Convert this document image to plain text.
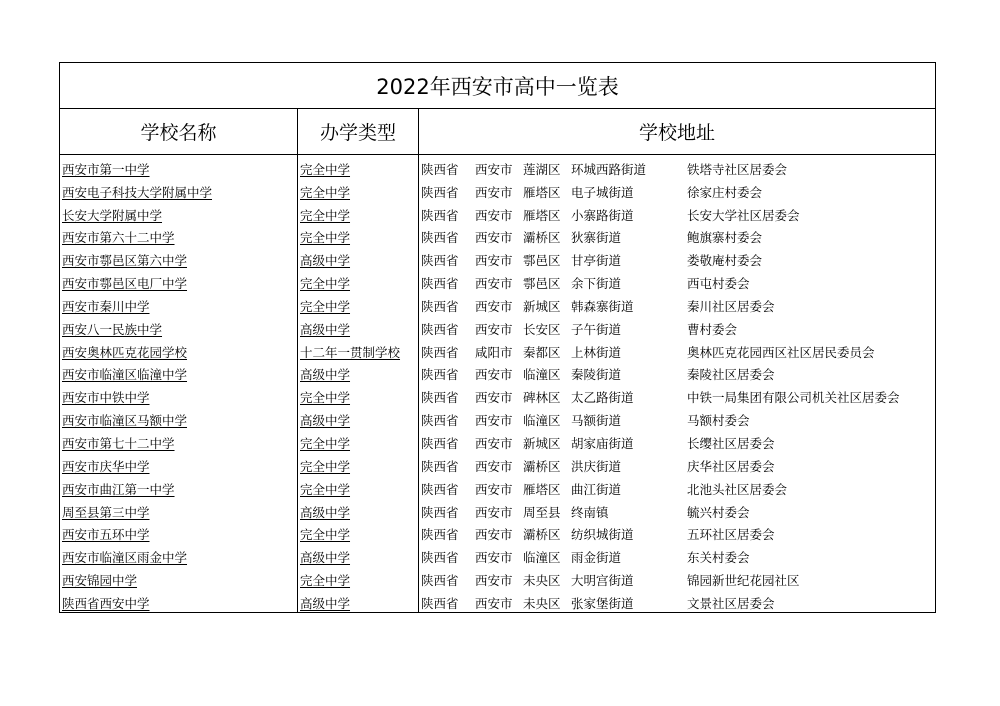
2022年西安市高中一览表		
学校名称	办学类型	学校地址
西安市第一中学	完全中学	陕西省 西安市 莲湖区 环城西路街道 铁塔寺社区居委会
西安电子科技大学附属中学	完全中学	陕西省 西安市 雁塔区 电子城街道 徐家庄村委会
长安大学附属中学	完全中学	陕西省 西安市 雁塔区 小寨路街道 长安大学社区居委会
西安市第六十二中学	完全中学	陕西省 西安市 灞桥区 狄寨街道 鲍旗寨村委会
西安市鄠邑区第六中学	高级中学	陕西省 西安市 鄠邑区 甘亭街道 娄敬庵村委会
西安市鄠邑区电厂中学	完全中学	陕西省 西安市 鄠邑区 余下街道 西屯村委会
西安市秦川中学	完全中学	陕西省 西安市 新城区 韩森寨街道 秦川社区居委会
西安八一民族中学	高级中学	陕西省 西安市 长安区 子午街道 曹村委会
西安奥林匹克花园学校	十二年一贯制学校	陕西省 咸阳市 秦都区 上林街道 奥林匹克花园西区社区居民委员会
西安市临潼区临潼中学	高级中学	陕西省 西安市 临潼区 秦陵街道 秦陵社区居委会
西安市中铁中学	完全中学	陕西省 西安市 碑林区 太乙路街道 中铁一局集团有限公司机关社区居委会
西安市临潼区马额中学	高级中学	陕西省 西安市 临潼区 马额街道 马额村委会
西安市第七十二中学	完全中学	陕西省 西安市 新城区 胡家庙街道 长缨社区居委会
西安市庆华中学	完全中学	陕西省 西安市 灞桥区 洪庆街道 庆华社区居委会
西安市曲江第一中学	完全中学	陕西省 西安市 雁塔区 曲江街道 北池头社区居委会
周至县第三中学	高级中学	陕西省 西安市 周至县 终南镇 毓兴村委会
西安市五环中学	完全中学	陕西省 西安市 灞桥区 纺织城街道 五环社区居委会
西安市临潼区雨金中学	高级中学	陕西省 西安市 临潼区 雨金街道 东关村委会
西安锦园中学	完全中学	陕西省 西安市 未央区 大明宫街道 锦园新世纪花园社区
陕西省西安中学	高级中学	陕西省 西安市 未央区 张家堡街道 文景社区居委会
